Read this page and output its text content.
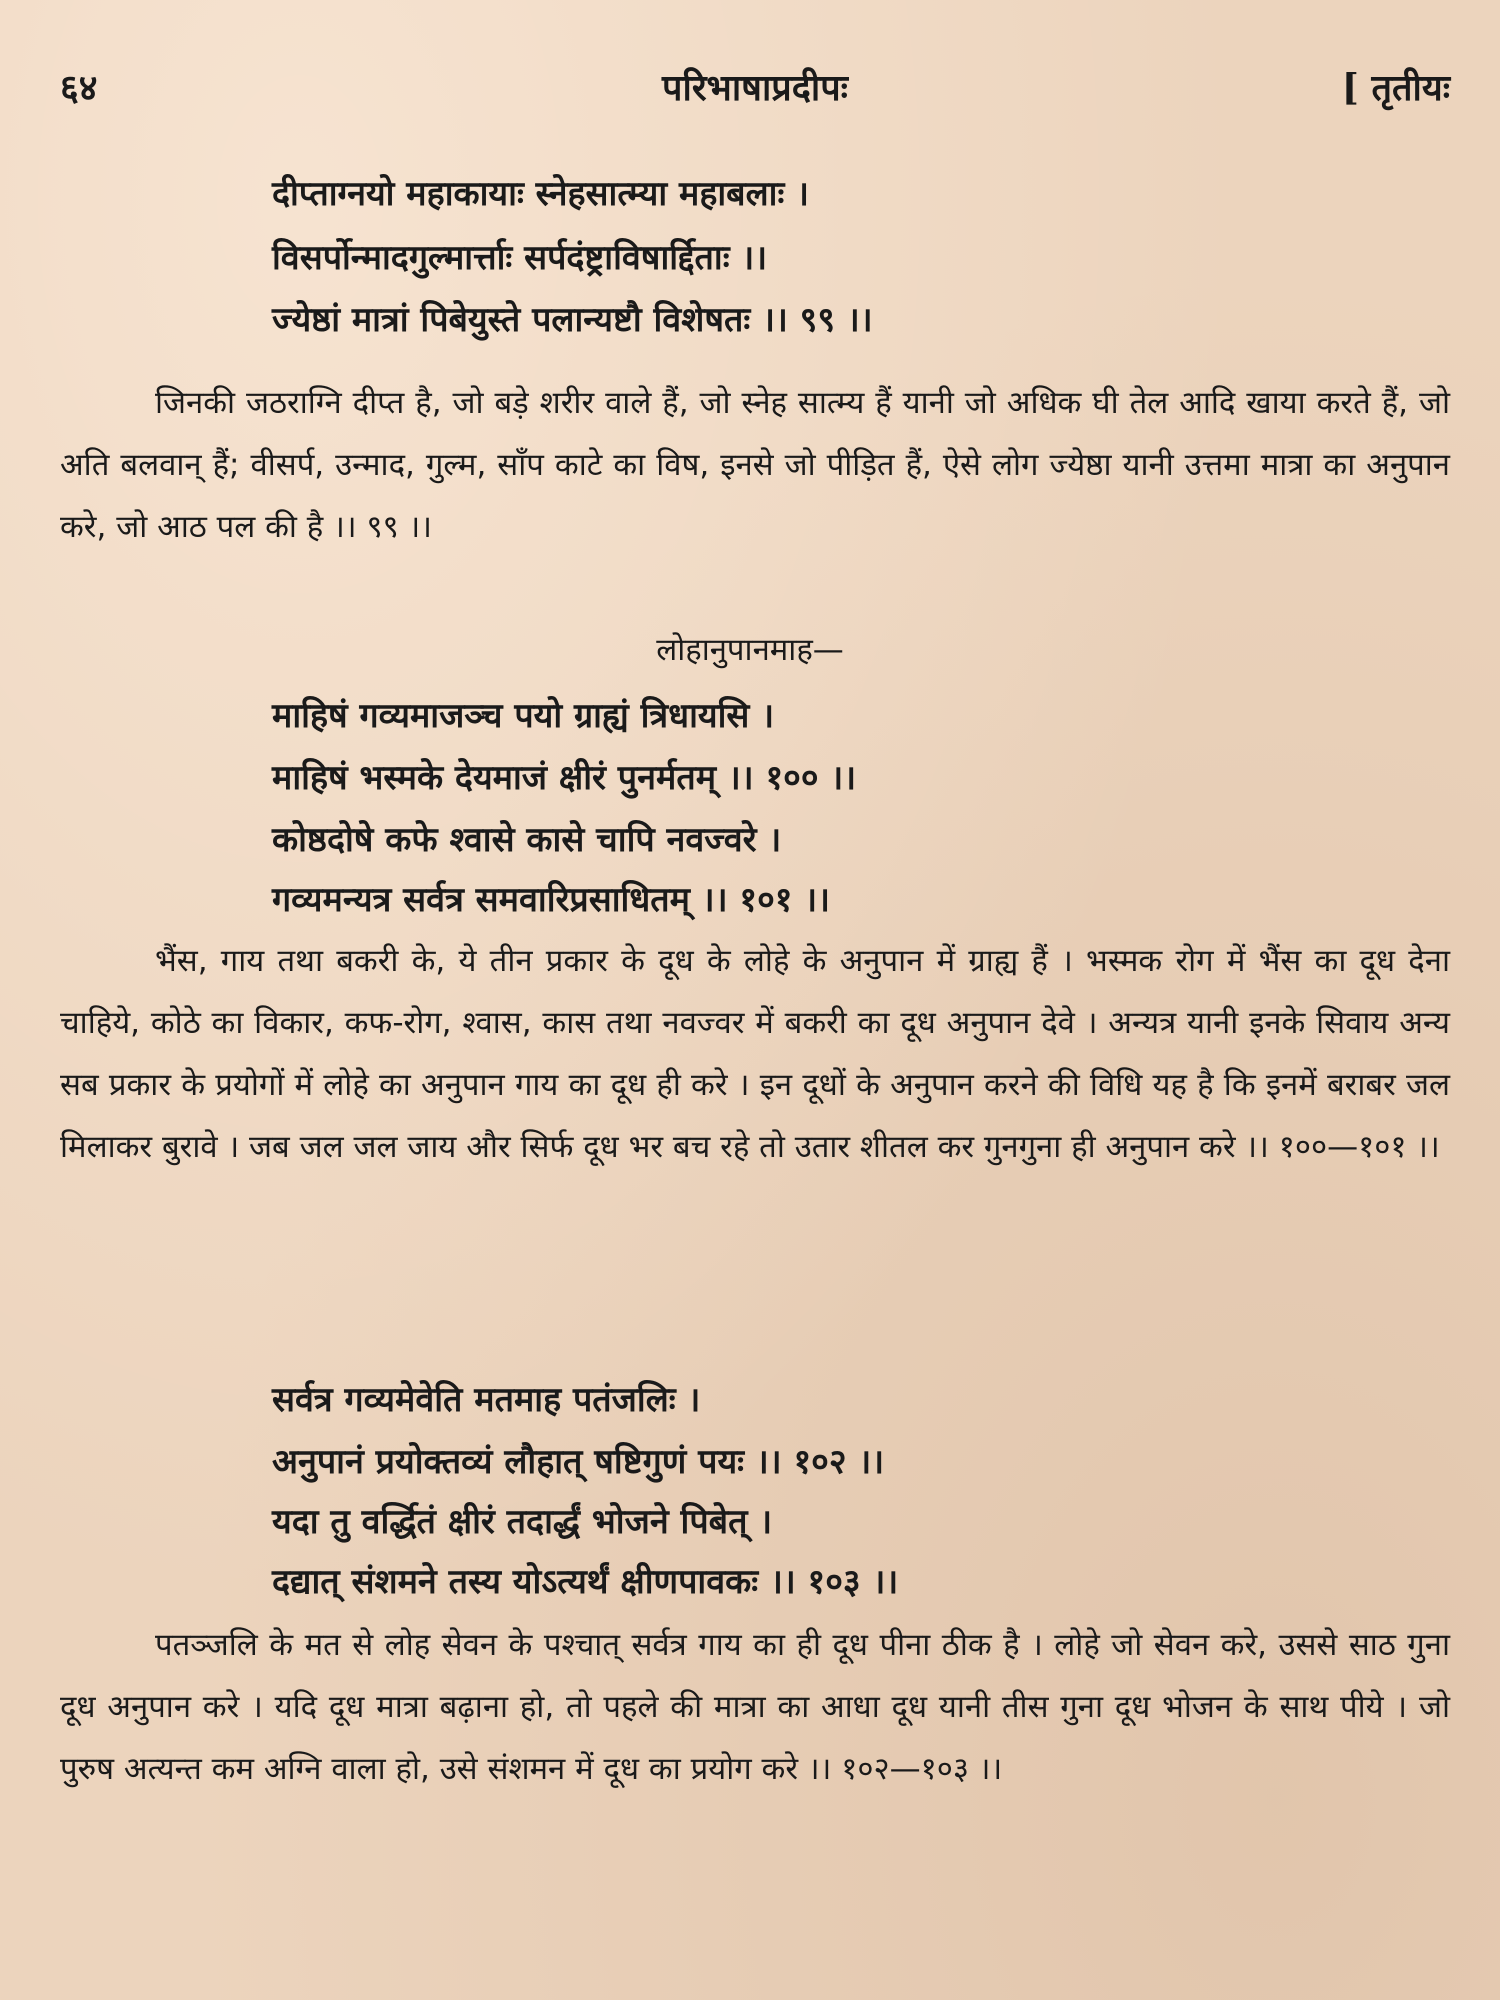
६४	परिभाषाप्रदीपः	[ तृतीयः
दीप्ताग्नयो महाकायाः स्नेहसात्म्या महाबलाः ।
विसर्पोन्मादगुल्मार्त्ताः सर्पदंष्ट्राविषार्द्दिताः ।।
ज्येष्ठां मात्रां पिबेयुस्ते पलान्यष्टौ विशेषतः ।। ९९ ।।

जिनकी जठराग्नि दीप्त है, जो बड़े शरीर वाले हैं, जो स्नेह सात्म्य हैं यानी जो अधिक घी तेल आदि खाया करते हैं, जो अति बलवान् हैं; वीसर्प, उन्माद, गुल्म, साँप काटे का विष, इनसे जो पीड़ित हैं, ऐसे लोग ज्येष्ठा यानी उत्तमा मात्रा का अनुपान करे, जो आठ पल की है ।। ९९ ।।

लोहानुपानमाह—
माहिषं गव्यमाजञ्च पयो ग्राह्यं त्रिधायसि ।
माहिषं भस्मके देयमाजं क्षीरं पुनर्मतम् ।। १०० ।।
कोष्ठदोषे कफे श्वासे कासे चापि नवज्वरे ।
गव्यमन्यत्र सर्वत्र समवारिप्रसाधितम् ।। १०१ ।।

भैंस, गाय तथा बकरी के, ये तीन प्रकार के दूध के लोहे के अनुपान में ग्राह्य हैं । भस्मक रोग में भैंस का दूध देना चाहिये, कोठे का विकार, कफ-रोग, श्वास, कास तथा नवज्वर में बकरी का दूध अनुपान देवे । अन्यत्र यानी इनके सिवाय अन्य सब प्रकार के प्रयोगों में लोहे का अनुपान गाय का दूध ही करे । इन दूधों के अनुपान करने की विधि यह है कि इनमें बराबर जल मिलाकर बुरावे । जब जल जल जाय और सिर्फ दूध भर बच रहे तो उतार शीतल कर गुनगुना ही अनुपान करे ।। १००—१०१ ।।

सर्वत्र गव्यमेवेति मतमाह पतंजलिः ।
अनुपानं प्रयोक्तव्यं लौहात् षष्टिगुणं पयः ।। १०२ ।।
यदा तु वर्द्धितं क्षीरं तदार्द्धं भोजने पिबेत् ।
दद्यात् संशमने तस्य योऽत्यर्थं क्षीणपावकः ।। १०३ ।।

पतञ्जलि के मत से लोह सेवन के पश्चात् सर्वत्र गाय का ही दूध पीना ठीक है । लोहे जो सेवन करे, उससे साठ गुना दूध अनुपान करे । यदि दूध मात्रा बढ़ाना हो, तो पहले की मात्रा का आधा दूध यानी तीस गुना दूध भोजन के साथ पीये । जो पुरुष अत्यन्त कम अग्नि वाला हो, उसे संशमन में दूध का प्रयोग करे ।। १०२—१०३ ।।
